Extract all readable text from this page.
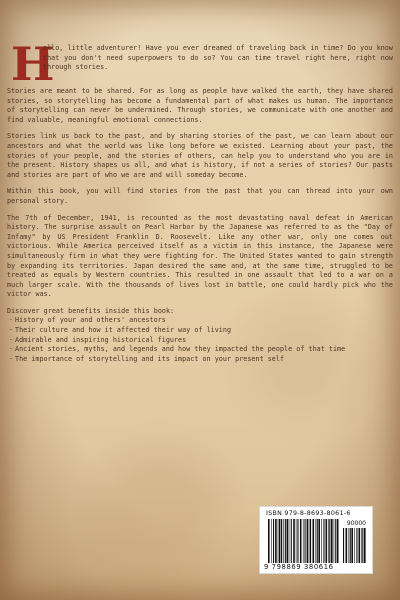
H
ello, little adventurer! Have you ever dreamed of traveling back in time? Do you know that you don't need superpowers to do so? You can time travel right here, right now through stories.

Stories are meant to be shared. For as long as people have walked the earth, they have shared stories, so storytelling has become a fundamental part of what makes us human. The importance of storytelling can never be undermined. Through stories, we communicate with one another and find valuable, meaningful emotional connections.

Stories link us back to the past, and by sharing stories of the past, we can learn about our ancestors and what the world was like long before we existed. Learning about your past, the stories of your people, and the stories of others, can help you to understand who you are in the present. History shapes us all, and what is history, if not a series of stories? Our pasts and stories are part of who we are and will someday become.

Within this book, you will find stories from the past that you can thread into your own personal story.

The 7th of December, 1941, is recounted as the most devastating naval defeat in American history. The surprise assault on Pearl Harbor by the Japanese was referred to as the "Day of Infamy" by US President Franklin D. Roosevelt. Like any other war, only one comes out victorious. While America perceived itself as a victim in this instance, the Japanese were simultaneously firm in what they were fighting for. The United States wanted to gain strength by expanding its territories. Japan desired the same and, at the same time, struggled to be treated as equals by Western countries. This resulted in one assault that led to a war on a much larger scale. With the thousands of lives lost in battle, one could hardly pick who the victor was.

Discover great benefits inside this book:
· History of your and others' ancestors
· Their culture and how it affected their way of living
· Admirable and inspiring historical figures
· Ancient stories, myths, and legends and how they impacted the people of that time
· The importance of storytelling and its impact on your present self
ISBN 979-8-8693-8061-6
90000
9 798869 380616
